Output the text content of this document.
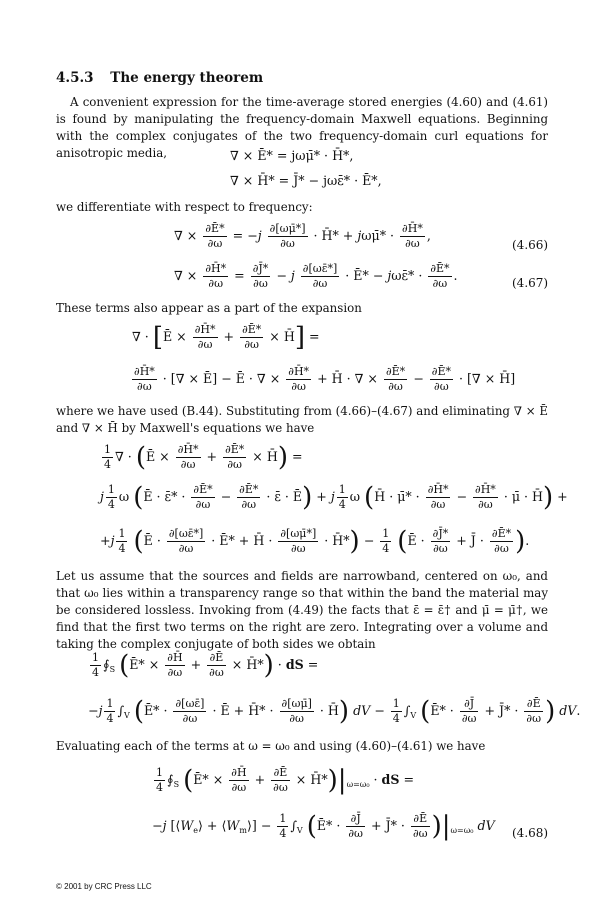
4.5.3 The energy theorem
A convenient expression for the time-average stored energies (4.60) and (4.61) is found by manipulating the frequency-domain Maxwell equations. Beginning with the complex conjugates of the two frequency-domain curl equations for anisotropic media,	∇ × Ē* = jωμ̄* · H̄*,
∇ × H̄* = J̄* − jωε̄* · Ē*,
we differentiate with respect to frequency:
∇ × $\frac{\partial Ē*}{\partial\omega} = -j \frac{\partial[\omega\mū*]}{\partial\omega}$ · H̄* + jωμ̄* · $\frac{\partial H̄*}{\partial\omega}$ ,
(4.66)
∇ × $\frac{\partial H̄*}{\partial\omega} = \frac{\partial J̄*}{\partial\omega} - j \frac{\partial[\omega\varepsilon̄*]}{\partial\omega}$ · Ē* − jωε̄* · $\frac{\partial Ē*}{\partial\omega}$ .	(4.67)
These terms also appear as a part of the expansion
∇ · [Ē × $\frac{\partial H̄*}{\partial\omega} + \frac{\partial Ē*}{\partial\omega}$ × H̄] =
$\frac{\partial H̄*}{\partial\omega}$ · [∇ × Ē] − Ē · ∇ × $\frac{\partial H̄*}{\partial\omega}$ + H̄ · ∇ × $\frac{\partial Ē*}{\partial\omega} - \frac{\partial Ē*}{\partial\omega}$ · [∇ × H̄]
where we have used (B.44). Substituting from (4.66)–(4.67) and eliminating ∇ × Ē and ∇ × H̄ by Maxwell's equations we have
$\frac{1}{4}$ ∇ · (Ē × $\frac{\partial H̄*}{\partial\omega} + \frac{\partial Ē*}{\partial\omega}$ × H̄) =
j $\frac{1}{4}$ ω (Ē · ε̄* · $\frac{\partial Ē*}{\partial\omega} - \frac{\partial Ē*}{\partial\omega}$ · ε̄ · Ē) + j $\frac{1}{4}$ ω (H̄ · μ̄* · $\frac{\partial H̄*}{\partial\omega} - \frac{\partial H̄*}{\partial\omega}$ · μ̄ · H̄) +
$+j \frac{1}{4}$ (Ē · $\frac{\partial[\omega\varepsilon̄*]}{\partial\omega}$ · Ē* + H̄ · $\frac{\partial[\omega\mū*]}{\partial\omega}$ · H̄*) − $\frac{1}{4}$ (Ē · $\frac{\partial J̄*}{\partial\omega}$ + J̄ · $\frac{\partial Ē*}{\partial\omega}$ ).
Let us assume that the sources and fields are narrowband, centered on ω₀, and that ω₀ lies within a transparency range so that within the band the material may be considered lossless. Invoking from (4.49) the facts that ε̄ = ε̄† and μ̄ = μ̄†, we find that the first two terms on the right are zero. Integrating over a volume and taking the complex conjugate of both sides we obtain
$\frac{1}{4}$ $∮_S$ (Ē* × $\frac{\partial H̄}{\partial\omega} + \frac{\partial Ē}{\partial\omega}$ × H̄*) · dS =
$-j \frac{1}{4} \int_V$ (Ē* · $\frac{\partial[\omega\varepsilon̄]}{\partial\omega}$ · Ē + H̄* · $\frac{\partial[\omega\mū]}{\partial\omega}$ · H̄) dV − $\frac{1}{4} \int_V$ (Ē* · $\frac{\partial J̄}{\partial\omega}$ + J̄* · $\frac{\partial Ē}{\partial\omega}$ ) dV.
Evaluating each of the terms at ω = ω₀ and using (4.60)–(4.61) we have
$\frac{1}{4}$ $∮_S$ (Ē* × $\frac{\partial H̄}{\partial\omega} + \frac{\partial Ē}{\partial\omega}$ × $H̄*)|_{\omega=\omega_0}$ · dS =
−j [$⟨W_e⟩$ + $⟨W_m⟩] - \frac{1}{4} \int_V$ (Ē* · $\frac{\partial J̄}{\partial\omega}$ + J̄* · $\frac{\partial Ē}{\partial\omega} )|_{\omega=\omega_0}$ dV (4.68)
© 2001 by CRC Press LLC
